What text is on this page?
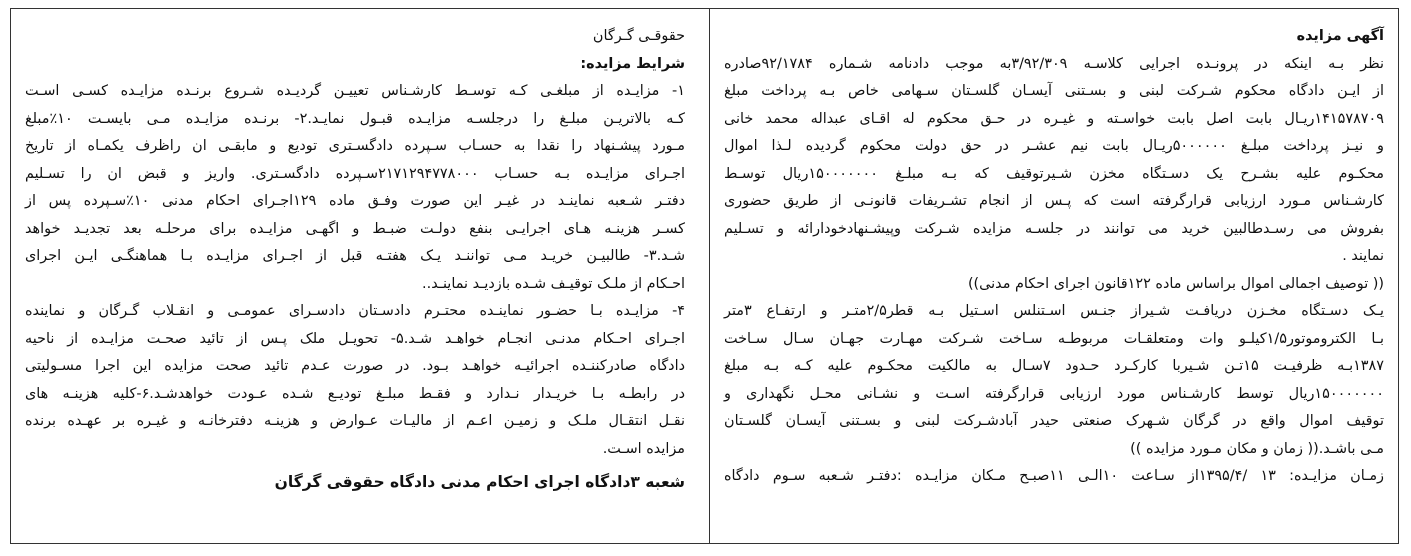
آگهی مزایده
نظر بـه اینکه در پرونـده اجرایی کلاسـه ۳/۹۲/۳۰۹به موجب دادنامه شـماره ۹۲/۱۷۸۴صادره
از ایـن دادگاه محکوم شـرکت لبنی و بسـتنی آیسـان گلسـتان سـهامی خاص بـه پرداخت مبلغ
۱۴۱۵۷۸۷۰۹ریـال بابت اصل بابت خواسـته و غیـره در حـق محکوم له اقـای عبداله محمد خانی
و نیـز پرداخت مبلـغ ۵۰۰۰۰۰۰ریـال بابت نیم عشـر در حق دولت محکوم گردیده لـذا اموال
محکـوم علیه بشـرح یک دسـتگاه مخزن شـیرتوقیف که بـه مبلـغ ۱۵۰۰۰۰۰۰۰ریال توسـط
کارشـناس مـورد ارزیابی قرارگرفته است که پـس از انجام تشـریفات قانونـی از طریق حضوری
بفروش می رسـدطالبین خرید می توانند در جلسـه مزایده شـرکت وپیشـنهادخودارائه و تسـلیم
نمایند .
(( توصیف اجمالی اموال براساس ماده ۱۲۲قانون اجرای احکام مدنی))
یـک دسـتگاه مخـزن دریافـت شـیراز جنـس اسـتنلس اسـتیل بـه قطر۲/۵متـر و ارتفـاع ۳متر
بـا الکتروموتور۱/۵کیلـو وات ومتعلقـات مربوطـه سـاخت شـرکت مهـارت جهـان سـال سـاخت
۱۳۸۷بـه ظرفیـت ۱۵تـن شـیربا کارکـرد حـدود ۷سـال به مالکیت محکـوم علیه کـه بـه مبلغ
۱۵۰۰۰۰۰۰۰ریال توسط کارشـناس مورد ارزیابی قرارگرفته اسـت و نشـانی محـل نگهداری و
توقیف اموال واقع در گرگان شـهرک صنعتی حیدر آبادشـرکت لبنی و بسـتنی آیسـان گلسـتان
مـی باشـد.(( زمان و مکان مـورد مزایده ))
زمـان مزایـده: ۱۳ /۱۳۹۵/۴از سـاعت ۱۰الـی ۱۱صبـح مـکان مزایـده :دفتـر شـعبه سـوم دادگاه
حقوقـی گـرگان
شرایط مزایده:
۱- مزایـده از مبلغـی کـه توسـط کارشـناس تعییـن گردیـده شـروع برنـده مزایـده کسـی اسـت
کـه بالاتریـن مبلـغ را درجلسـه مزایـده قبـول نمایـد.۲- برنـده مزایـده مـی بایسـت ۱۰٪مبلغ
مـورد پیشـنهاد را نقدا به حسـاب سـپرده دادگسـتری تودیع و مابقـی ان راظرف یکمـاه از تاریخ
اجـرای مزایـده بـه حسـاب ۲۱۷۱۲۹۴۷۷۸۰۰۰سـپرده دادگسـتری. واریز و قبض ان را تسـلیم
دفتـر شـعبه نماینـد در غیـر این صورت وفـق ماده ۱۲۹اجـرای احکام مدنی ۱۰٪سـپرده پس از
کسـر هزینـه هـای اجرایـی بنفع دولـت ضبـط و اگهـی مزایـده برای مرحلـه بعد تجدیـد خواهد
شـد.۳- طالبیـن خریـد مـی تواننـد یـک هفتـه قبل از اجـرای مزایـده بـا هماهنگـی ایـن اجرای
احـکام از ملـک توقیـف شـده بازدیـد نماینـد..
۴- مزایـده بـا حضـور نماینـده محتـرم دادسـتان دادسـرای عمومـی و انقـلاب گـرگان و نماینده
اجـرای احـکام مدنـی انجـام خواهـد شـد.۵- تحویـل ملک پـس از تائید صحـت مزایـده از ناحیه
دادگاه صادرکننـده اجرائیـه خواهـد بـود. در صورت عـدم تائید صحت مزایده این اجرا مسـولیتی
در رابطـه بـا خریـدار نـدارد و فقـط مبلـغ تودیـع شـده عـودت خواهدشـد.۶-کلیه هزینـه های
نقـل انتقـال ملـک و زمیـن اعـم از مالیـات عـوارض و هزینـه دفترخانـه و غیـره بر عهـده برنده
مزایده اسـت.
شعبه ۳دادگاه اجرای احکام مدنی دادگاه حقوقی گرگان
